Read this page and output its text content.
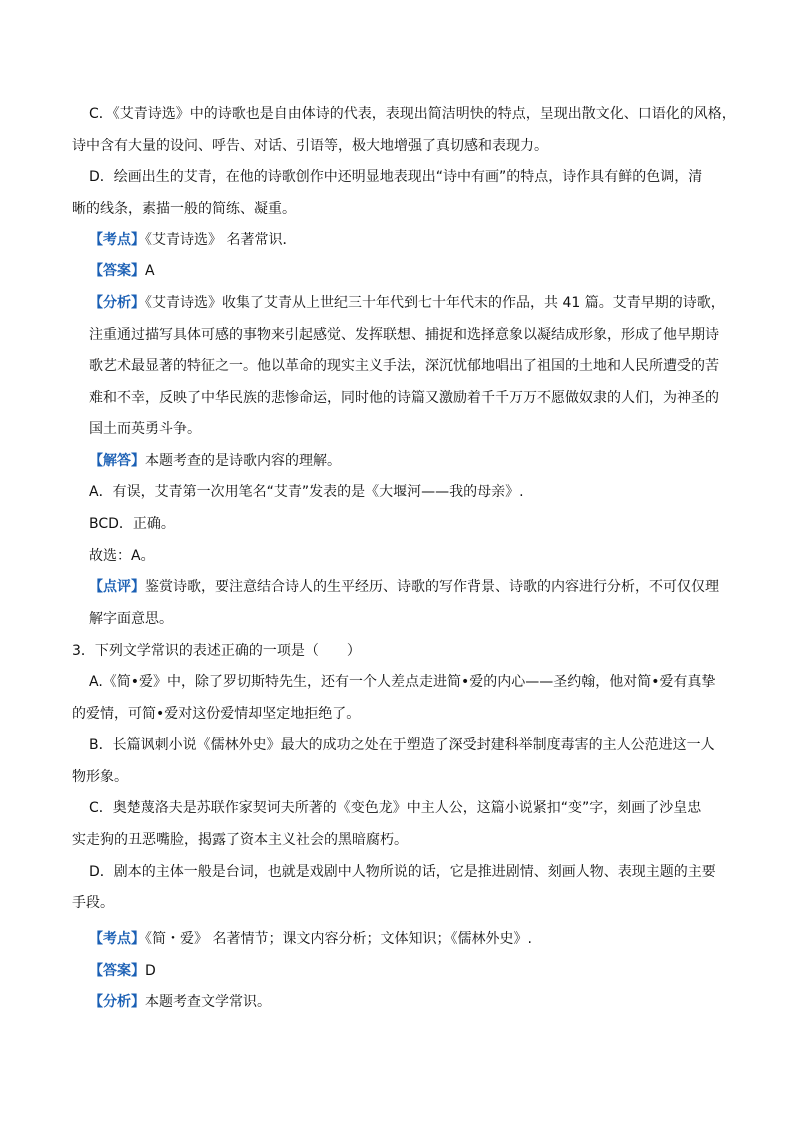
C．《艾青诗选》中的诗歌也是自由体诗的代表，表现出简洁明快的特点，呈现出散文化、口语化的风格，
诗中含有大量的设问、呼告、对话、引语等，极大地增强了真切感和表现力。
D．绘画出生的艾青，在他的诗歌创作中还明显地表现出“诗中有画”的特点，诗作具有鲜的色调，清
晰的线条，素描一般的简练、凝重。
【考点】《艾青诗选》 名著常识．
【答案】A
【分析】《艾青诗选》收集了艾青从上世纪三十年代到七十年代末的作品，共 41 篇。艾青早期的诗歌，
注重通过描写具体可感的事物来引起感觉、发挥联想、捕捉和选择意象以凝结成形象，形成了他早期诗
歌艺术最显著的特征之一。他以革命的现实主义手法，深沉忧郁地唱出了祖国的土地和人民所遭受的苦
难和不幸，反映了中华民族的悲惨命运，同时他的诗篇又激励着千千万万不愿做奴隶的人们，为神圣的
国土而英勇斗争。
【解答】本题考查的是诗歌内容的理解。
A．有误，艾青第一次用笔名“艾青”发表的是《大堰河——我的母亲》.
BCD．正确。
故选：A。
【点评】鉴赏诗歌，要注意结合诗人的生平经历、诗歌的写作背景、诗歌的内容进行分析，不可仅仅理
解字面意思。
3．下列文学常识的表述正确的一项是（　　）
A.《简•爱》中，除了罗切斯特先生，还有一个人差点走进简•爱的内心——圣约翰，他对简•爱有真挚
的爱情，可简•爱对这份爱情却坚定地拒绝了。
B．长篇讽刺小说《儒林外史》最大的成功之处在于塑造了深受封建科举制度毒害的主人公范进这一人
物形象。
C．奥楚蔑洛夫是苏联作家契诃夫所著的《变色龙》中主人公，这篇小说紧扣“变”字，刻画了沙皇忠
实走狗的丑恶嘴脸，揭露了资本主义社会的黑暗腐朽。
D．剧本的主体一般是台词，也就是戏剧中人物所说的话，它是推进剧情、刻画人物、表现主题的主要
手段。
【考点】《简・爱》 名著情节；课文内容分析；文体知识；《儒林外史》.
【答案】D
【分析】本题考查文学常识。
